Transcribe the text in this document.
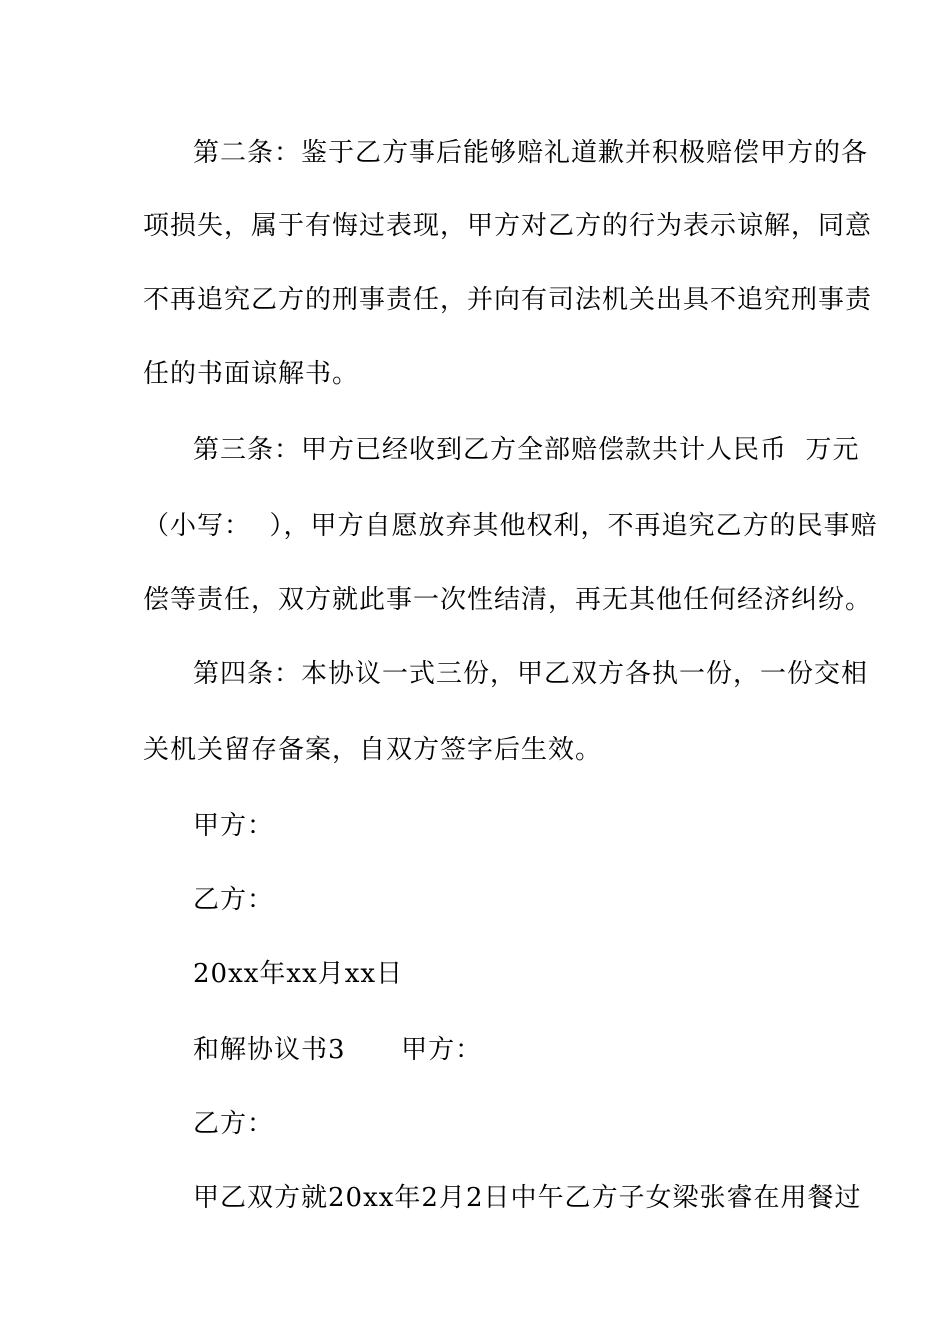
第二条：鉴于乙方事后能够赔礼道歉并积极赔偿甲方的各
项损失，属于有悔过表现，甲方对乙方的行为表示谅解，同意
不再追究乙方的刑事责任，并向有司法机关出具不追究刑事责
任的书面谅解书。
第三条：甲方已经收到乙方全部赔偿款共计人民币  万元
（小写：  ），甲方自愿放弃其他权利，不再追究乙方的民事赔
偿等责任，双方就此事一次性结清，再无其他任何经济纠纷。
第四条：本协议一式三份，甲乙双方各执一份，一份交相
关机关留存备案，自双方签字后生效。
甲方：
乙方：
20xx年xx月xx日
和解协议书3      甲方：
乙方：
甲乙双方就20xx年2月2日中午乙方子女梁张睿在用餐过
